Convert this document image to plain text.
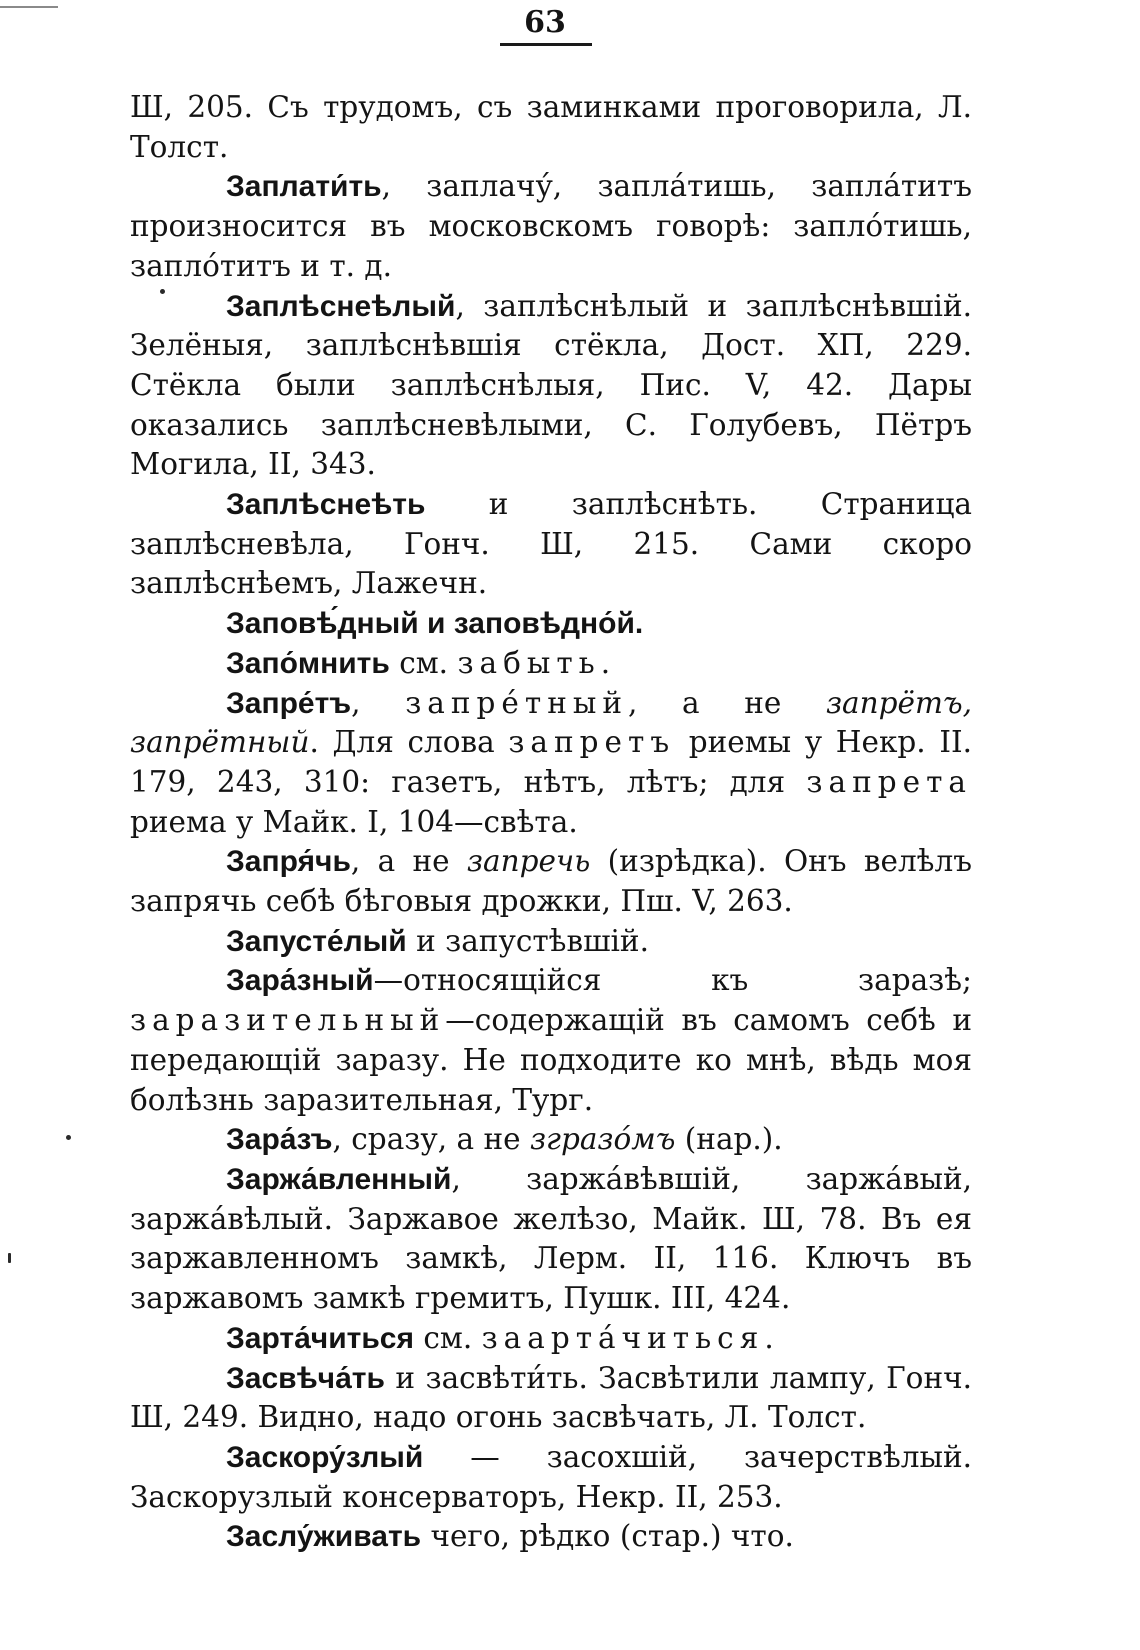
63

Ш, 205. Съ трудомъ, съ заминками проговорила, Л. Толст.

Заплати́ть, заплачу́, запла́тишь, запла́титъ произносится въ московскомъ говорѣ: запло́тишь, запло́титъ и т. д.

Заплѣснеѣлый, заплѣснѣлый и заплѣснѣвшій. Зелёныя, заплѣснѣвшія стёкла, Дост. ХП, 229. Стёкла были заплѣснѣлыя, Пис. V, 42. Дары оказались заплѣсневѣлыми, С. Голубевъ, Пётръ Могила, II, 343.

Заплѣснеѣть и заплѣснѣть. Страница заплѣсневѣла, Гонч. Ш, 215. Сами скоро заплѣснѣемъ, Лажечн.

Заповѣ́дный и заповѣдно́й.

Запо́мнить см. забыть.

Запре́тъ, запре́тный, а не запрётъ, запрётный. Для слова запретъ риемы у Некр. II. 179, 243, 310: газетъ, нѣтъ, лѣтъ; для запрета риема у Майк. I, 104—свѣта.

Запря́чь, а не запречь (изрѣдка). Онъ велѣлъ запрячь себѣ бѣговыя дрожки, Пш. V, 263.

Запусте́лый и запустѣвшій.

Зара́зный—относящійся къ заразѣ; заразительный—содержащій въ самомъ себѣ и передающій заразу. Не подходите ко мнѣ, вѣдь моя болѣзнь заразительная, Тург.

Зара́зъ, сразу, а не згразо́мъ (нар.).

Заржа́вленный, заржа́вѣвшій, заржа́вый, заржа́вѣлый. Заржавое желѣзо, Майк. Ш, 78. Въ ея заржавленномъ замкѣ, Лерм. II, 116. Ключъ въ заржавомъ замкѣ гремитъ, Пушк. III, 424.

Зарта́читься см. заарта́читься.

Засвѣча́ть и засвѣти́ть. Засвѣтили лампу, Гонч. Ш, 249. Видно, надо огонь засвѣчать, Л. Толст.

Заскору́злый — засохшій, зачерствѣлый. Заскорузлый консерваторъ, Некр. II, 253.

Заслу́живать чего, рѣдко (стар.) что.
